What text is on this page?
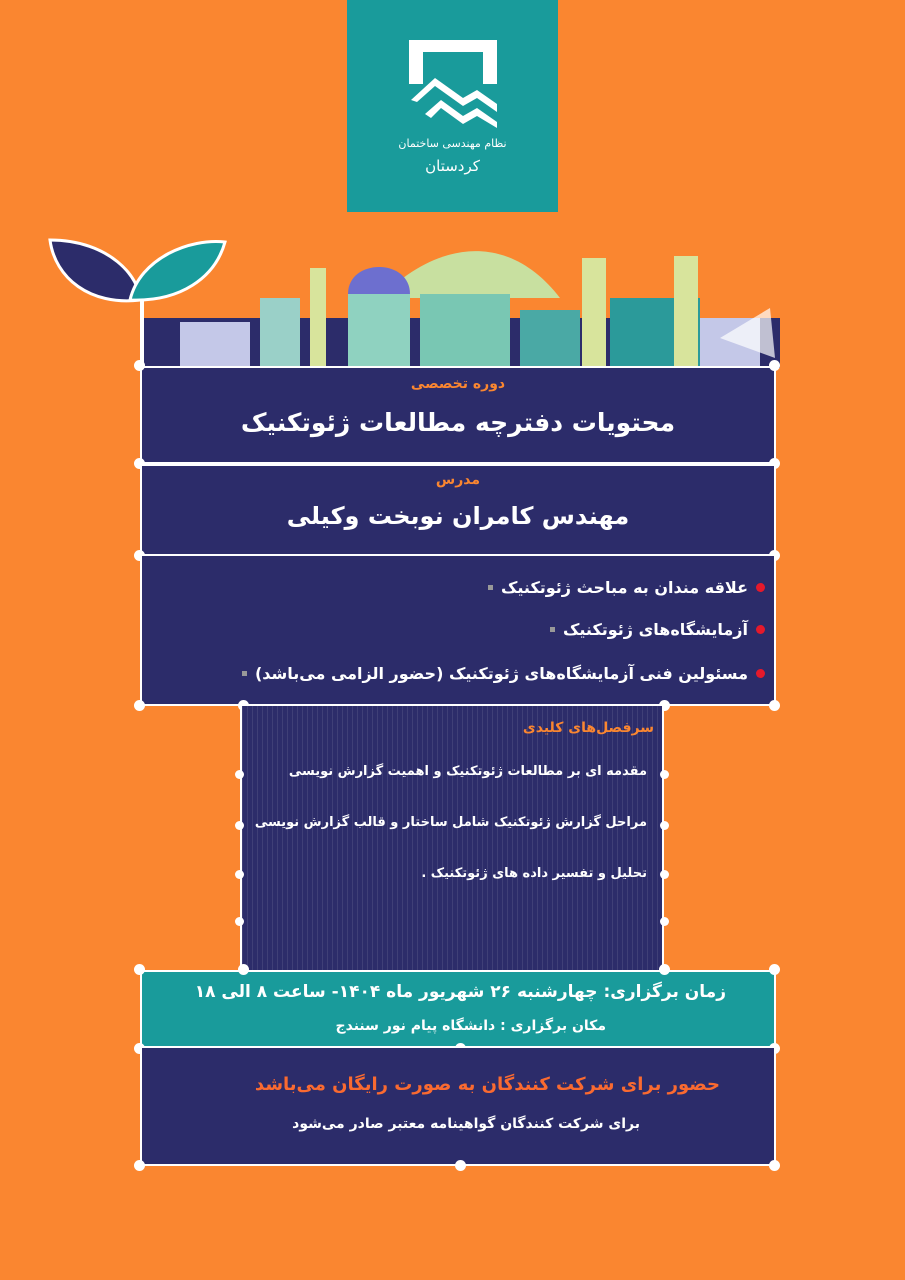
نظام مهندسی ساختمان
کردستان
دوره تخصصی
محتویات دفترچه مطالعات ژئوتکنیک
مدرس
مهندس کامران نوبخت وکیلی
علاقه مندان به مباحث ژئوتکنیک
آزمایشگاه‌های ژئوتکنیک
مسئولین فنی آزمایشگاه‌های ژئوتکنیک (حضور الزامی می‌باشد)
سرفصل‌های کلیدی
مقدمه ای بر مطالعات ژئوتکنیک و اهمیت گزارش نویسی
مراحل گزارش ژئوتکنیک شامل ساختار و قالب گزارش نویسی
تحلیل و تفسیر داده های ژئوتکنیک .
زمان برگزاری: چهارشنبه ۲۶ شهریور ماه ۱۴۰۴- ساعت ۸ الی ۱۸
مکان برگزاری : دانشگاه پیام نور سنندج
حضور برای شرکت کنندگان به صورت رایگان می‌باشد
برای شرکت کنندگان گواهینامه معتبر صادر می‌شود
